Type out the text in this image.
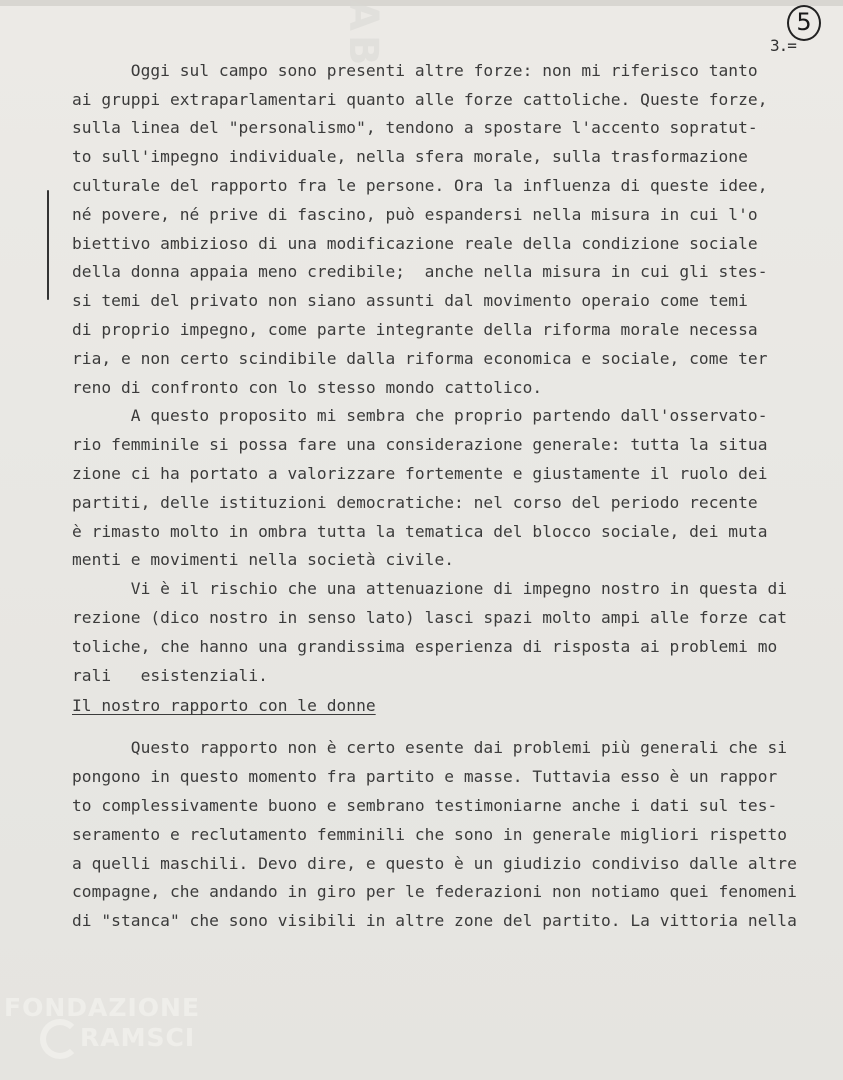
AB	5
3.=
Oggi sul campo sono presenti altre forze: non mi riferisco tanto
ai gruppi extraparlamentari quanto alle forze cattoliche. Queste forze,
sulla linea del "personalismo", tendono a spostare l'accento sopratut-
to sull'impegno individuale, nella sfera morale, sulla trasformazione
culturale del rapporto fra le persone. Ora la influenza di queste idee,
né povere, né prive di fascino, può espandersi nella misura in cui l'o
biettivo ambizioso di una modificazione reale della condizione sociale
della donna appaia meno credibile;  anche nella misura in cui gli stes-
si temi del privato non siano assunti dal movimento operaio come temi
di proprio impegno, come parte integrante della riforma morale necessa
ria, e non certo scindibile dalla riforma economica e sociale, come ter
reno di confronto con lo stesso mondo cattolico.
A questo proposito mi sembra che proprio partendo dall'osservato-
rio femminile si possa fare una considerazione generale: tutta la situa
zione ci ha portato a valorizzare fortemente e giustamente il ruolo dei
partiti, delle istituzioni democratiche: nel corso del periodo recente
è rimasto molto in ombra tutta la tematica del blocco sociale, dei muta
menti e movimenti nella società civile.
Vi è il rischio che una attenuazione di impegno nostro in questa di
rezione (dico nostro in senso lato) lasci spazi molto ampi alle forze cat
toliche, che hanno una grandissima esperienza di risposta ai problemi mo
rali   esistenziali.
Il nostro rapporto con le donne
Questo rapporto non è certo esente dai problemi più generali che si
pongono in questo momento fra partito e masse. Tuttavia esso è un rappor
to complessivamente buono e sembrano testimoniarne anche i dati sul tes-
seramento e reclutamento femminili che sono in generale migliori rispetto
a quelli maschili. Devo dire, e questo è un giudizio condiviso dalle altre
compagne, che andando in giro per le federazioni non notiamo quei fenomeni
di "stanca" che sono visibili in altre zone del partito. La vittoria nella
FONDAZIONE
RAMSCI
